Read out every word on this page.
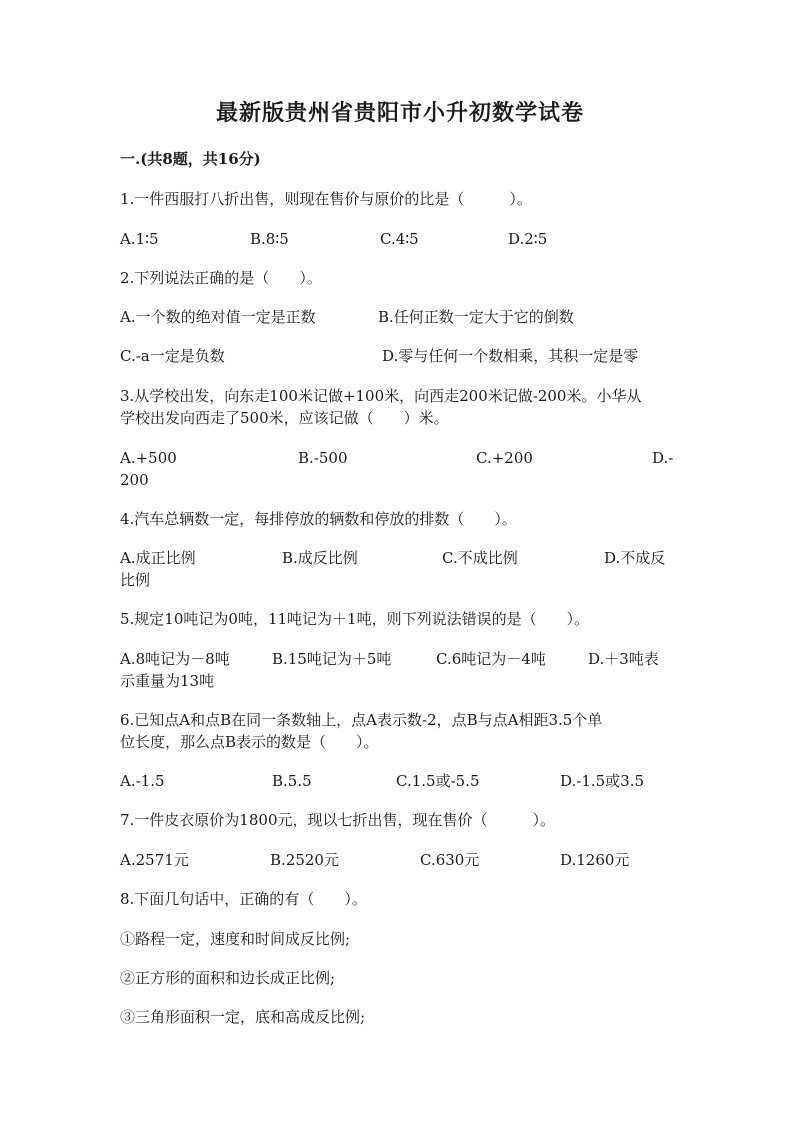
最新版贵州省贵阳市小升初数学试卷
一.(共8题，共16分)
1.一件西服打八折出售，则现在售价与原价的比是（　　　）。
A.1∶5	B.8∶5	C.4∶5	D.2∶5
2.下列说法正确的是（　　）。
A.一个数的绝对值一定是正数	B.任何正数一定大于它的倒数
C.-a一定是负数	D.零与任何一个数相乘，其积一定是零
3.从学校出发，向东走100米记做+100米，向西走200米记做-200米。小华从
学校出发向西走了500米，应该记做（　　）米。
A.+500	B.-500	C.+200	D.-
200
4.汽车总辆数一定，每排停放的辆数和停放的排数（　　）。
A.成正比例	B.成反比例	C.不成比例	D.不成反
比例
5.规定10吨记为0吨，11吨记为＋1吨，则下列说法错误的是（　　）。
A.8吨记为－8吨	B.15吨记为＋5吨	C.6吨记为－4吨	D.＋3吨表
示重量为13吨
6.已知点A和点B在同一条数轴上，点A表示数-2，点B与点A相距3.5个单
位长度，那么点B表示的数是（　　）。
A.-1.5	B.5.5	C.1.5或-5.5	D.-1.5或3.5
7.一件皮衣原价为1800元，现以七折出售，现在售价（　　　）。
A.2571元	B.2520元	C.630元	D.1260元
8.下面几句话中，正确的有（　　）。
①路程一定，速度和时间成反比例;
②正方形的面积和边长成正比例;
③三角形面积一定，底和高成反比例;
